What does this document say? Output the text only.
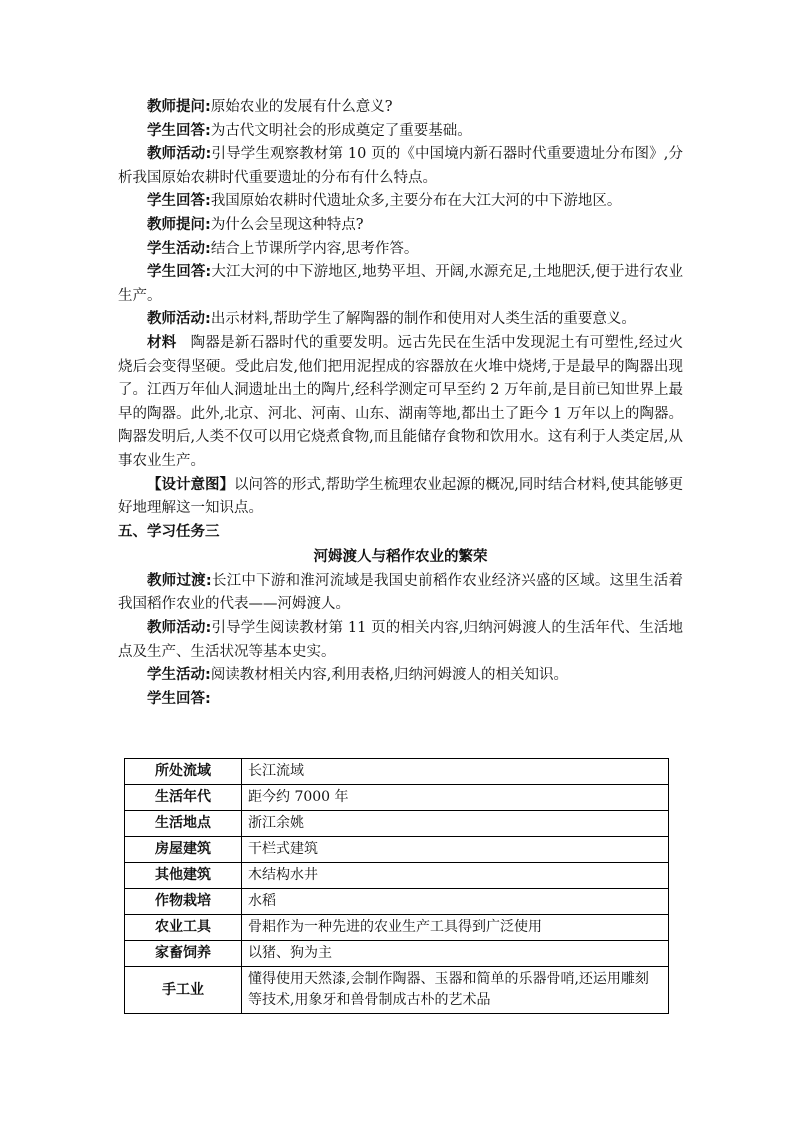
教师提问:原始农业的发展有什么意义?

学生回答:为古代文明社会的形成奠定了重要基础。

教师活动:引导学生观察教材第 10 页的《中国境内新石器时代重要遗址分布图》,分析我国原始农耕时代重要遗址的分布有什么特点。

学生回答:我国原始农耕时代遗址众多,主要分布在大江大河的中下游地区。

教师提问:为什么会呈现这种特点?

学生活动:结合上节课所学内容,思考作答。

学生回答:大江大河的中下游地区,地势平坦、开阔,水源充足,土地肥沃,便于进行农业生产。

教师活动:出示材料,帮助学生了解陶器的制作和使用对人类生活的重要意义。

材料 陶器是新石器时代的重要发明。远古先民在生活中发现泥土有可塑性,经过火烧后会变得坚硬。受此启发,他们把用泥捏成的容器放在火堆中烧烤,于是最早的陶器出现了。江西万年仙人洞遗址出土的陶片,经科学测定可早至约 2 万年前,是目前已知世界上最早的陶器。此外,北京、河北、河南、山东、湖南等地,都出土了距今 1 万年以上的陶器。陶器发明后,人类不仅可以用它烧煮食物,而且能储存食物和饮用水。这有利于人类定居,从事农业生产。

【设计意图】以问答的形式,帮助学生梳理农业起源的概况,同时结合材料,使其能够更好地理解这一知识点。

五、学习任务三

河姆渡人与稻作农业的繁荣

教师过渡:长江中下游和淮河流域是我国史前稻作农业经济兴盛的区域。这里生活着我国稻作农业的代表——河姆渡人。

教师活动:引导学生阅读教材第 11 页的相关内容,归纳河姆渡人的生活年代、生活地点及生产、生活状况等基本史实。

学生活动:阅读教材相关内容,利用表格,归纳河姆渡人的相关知识。

学生回答:

所处流域	长江流域
生活年代	距今约 7000 年
生活地点	浙江余姚
房屋建筑	干栏式建筑
其他建筑	木结构水井
作物栽培	水稻
农业工具	骨耜作为一种先进的农业生产工具得到广泛使用
家畜饲养	以猪、狗为主
手工业	懂得使用天然漆,会制作陶器、玉器和简单的乐器骨哨,还运用雕刻等技术,用象牙和兽骨制成古朴的艺术品
